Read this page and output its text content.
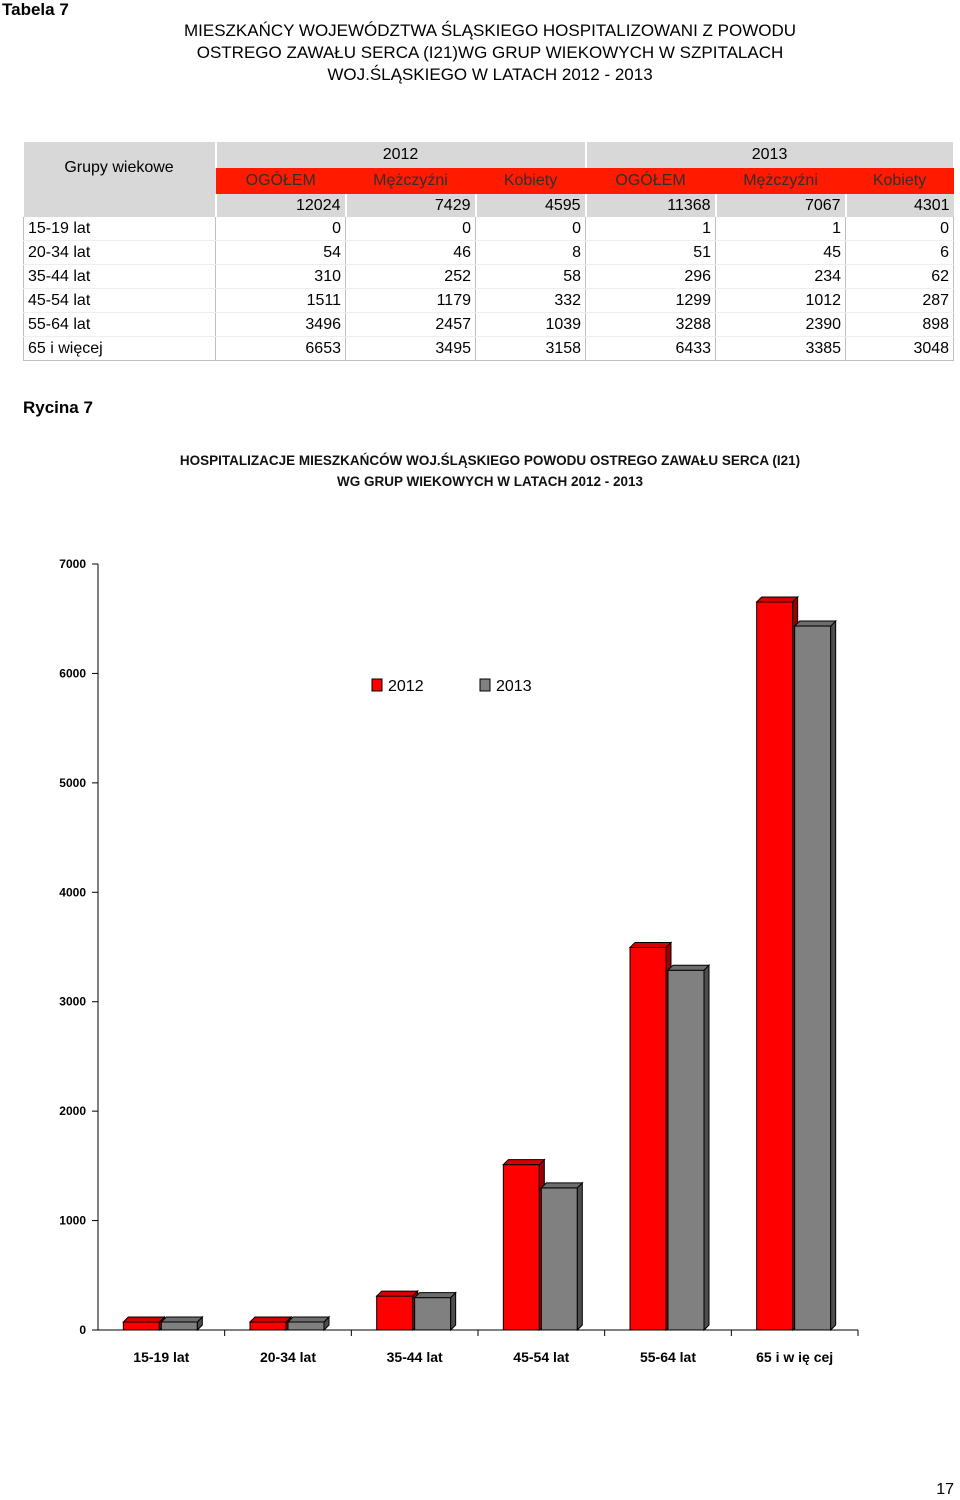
Tabela 7
MIESZKAŃCY WOJEWÓDZTWA ŚLĄSKIEGO HOSPITALIZOWANI Z POWODU
OSTREGO ZAWAŁU SERCA (I21)WG GRUP WIEKOWYCH W SZPITALACH
WOJ.ŚLĄSKIEGO W LATACH 2012 - 2013
Grupy wiekowe	2012			2013		
	OGÓŁEM	Mężczyźni	Kobiety	OGÓŁEM	Mężczyźni	Kobiety
	12024	7429	4595	11368	7067	4301
15-19 lat	0	0	0	1	1	0
20-34 lat	54	46	8	51	45	6
35-44 lat	310	252	58	296	234	62
45-54 lat	1511	1179	332	1299	1012	287
55-64 lat	3496	2457	1039	3288	2390	898
65 i więcej	6653	3495	3158	6433	3385	3048
Rycina 7
HOSPITALIZACJE MIESZKAŃCÓW WOJ.ŚLĄSKIEGO POWODU OSTREGO ZAWAŁU SERCA (I21)
WG GRUP WIEKOWYCH W LATACH 2012 - 2013
0
1000
2000
3000
4000
5000
6000
7000
15-19 lat	20-34 lat	35-44 lat	45-54 lat	55-64 lat	65 i w ię cej
2012	2013
17
